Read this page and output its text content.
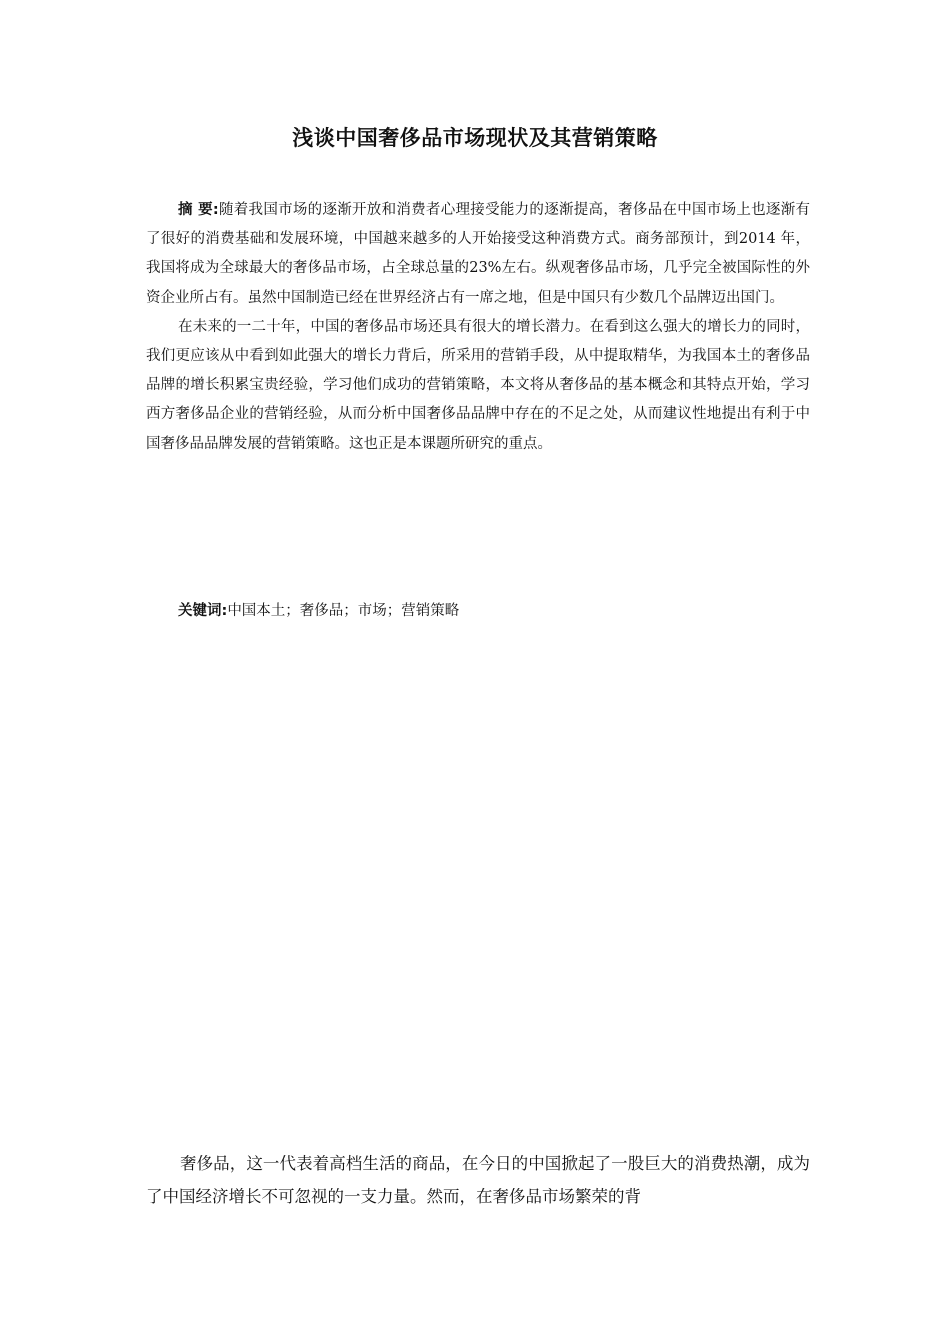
浅谈中国奢侈品市场现状及其营销策略

摘 要:随着我国市场的逐渐开放和消费者心理接受能力的逐渐提高，奢侈品在中国市场上也逐渐有了很好的消费基础和发展环境，中国越来越多的人开始接受这种消费方式。商务部预计，到2014 年，我国将成为全球最大的奢侈品市场，占全球总量的23%左右。纵观奢侈品市场，几乎完全被国际性的外资企业所占有。虽然中国制造已经在世界经济占有一席之地，但是中国只有少数几个品牌迈出国门。

在未来的一二十年，中国的奢侈品市场还具有很大的增长潜力。在看到这么强大的增长力的同时，我们更应该从中看到如此强大的增长力背后，所采用的营销手段，从中提取精华，为我国本土的奢侈品品牌的增长积累宝贵经验，学习他们成功的营销策略，本文将从奢侈品的基本概念和其特点开始，学习西方奢侈品企业的营销经验，从而分析中国奢侈品品牌中存在的不足之处，从而建议性地提出有利于中国奢侈品品牌发展的营销策略。这也正是本课题所研究的重点。

关键词:中国本土；奢侈品；市场；营销策略

奢侈品，这一代表着高档生活的商品，在今日的中国掀起了一股巨大的消费热潮，成为了中国经济增长不可忽视的一支力量。然而，在奢侈品市场繁荣的背
